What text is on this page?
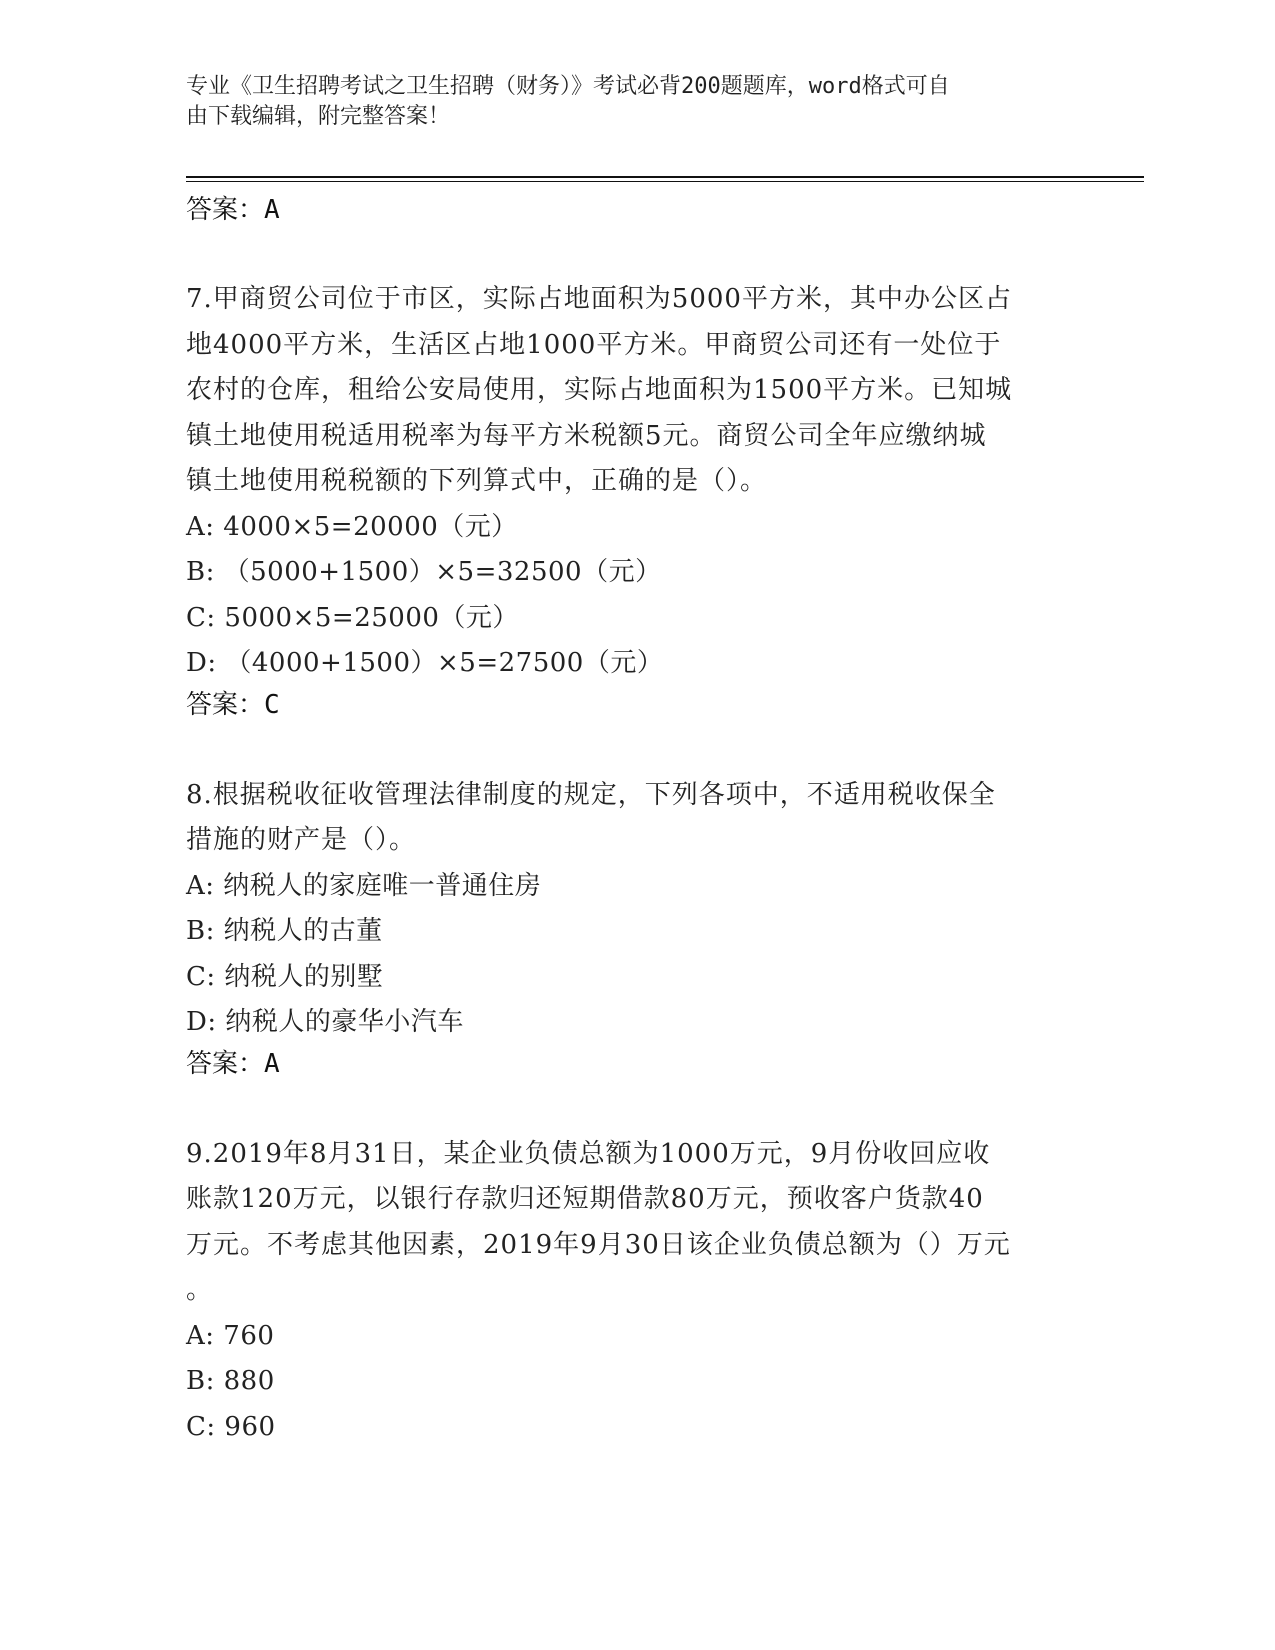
专业《卫生招聘考试之卫生招聘（财务）》考试必背200题题库，word格式可自
由下载编辑，附完整答案！
答案：A
7.甲商贸公司位于市区，实际占地面积为5000平方米，其中办公区占
地4000平方米，生活区占地1000平方米。甲商贸公司还有一处位于
农村的仓库，租给公安局使用，实际占地面积为1500平方米。已知城
镇土地使用税适用税率为每平方米税额5元。商贸公司全年应缴纳城
镇土地使用税税额的下列算式中，正确的是（）。
A: 4000×5=20000（元）
B: （5000+1500）×5=32500（元）
C: 5000×5=25000（元）
D: （4000+1500）×5=27500（元）
答案：C
8.根据税收征收管理法律制度的规定，下列各项中，不适用税收保全
措施的财产是（）。
A: 纳税人的家庭唯一普通住房
B: 纳税人的古董
C: 纳税人的别墅
D: 纳税人的豪华小汽车
答案：A
9.2019年8月31日，某企业负债总额为1000万元，9月份收回应收
账款120万元，以银行存款归还短期借款80万元，预收客户货款40
万元。不考虑其他因素，2019年9月30日该企业负债总额为（）万元
。
A: 760
B: 880
C: 960
